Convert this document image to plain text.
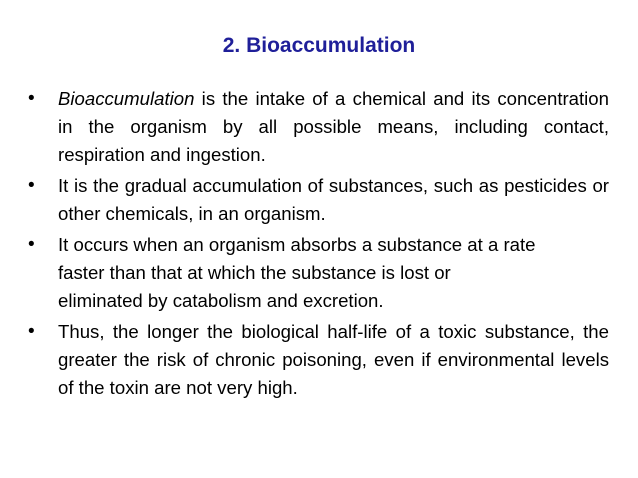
2. Bioaccumulation
• Bioaccumulation is the intake of a chemical and its concentration in the organism by all possible means, including contact, respiration and ingestion.
• It is the gradual accumulation of substances, such as pesticides or other chemicals, in an organism.
• It occurs when an organism absorbs a substance at a rate
faster than that at which the substance is lost or
eliminated by catabolism and excretion.
• Thus, the longer the biological half-life of a toxic substance, the greater the risk of chronic poisoning, even if environmental levels of the toxin are not very high.
